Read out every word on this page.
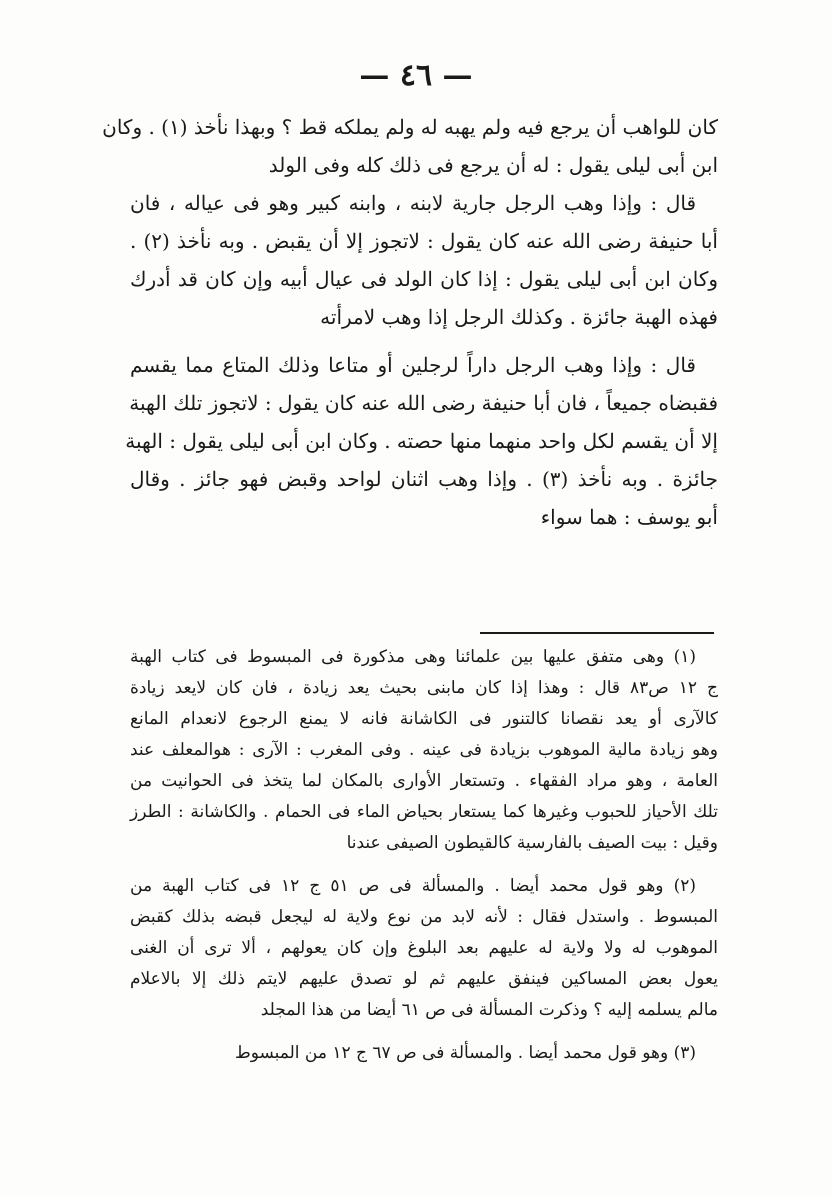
— ٤٦ —
كان للواهب أن يرجع فيه ولم يهبه له ولم يملكه قط ؟ وبهذا نأخذ (١) . وكان
ابن أبى ليلى يقول : له أن يرجع فى ذلك كله وفى الولد
قال : وإذا وهب الرجل جارية لابنه ، وابنه كبير وهو فى عياله ، فان
أبا حنيفة رضى الله عنه كان يقول : لاتجوز إلا أن يقبض . وبه نأخذ (٢) .
وكان ابن أبى ليلى يقول : إذا كان الولد فى عيال أبيه وإن كان قد أدرك
فهذه الهبة جائزة . وكذلك الرجل إذا وهب لامرأته
قال : وإذا وهب الرجل داراً لرجلين أو متاعا وذلك المتاع مما يقسم
فقبضاه جميعاً ، فان أبا حنيفة رضى الله عنه كان يقول : لاتجوز تلك الهبة
إلا أن يقسم لكل واحد منهما منها حصته . وكان ابن أبى ليلى يقول : الهبة
جائزة . وبه نأخذ (٣) . وإذا وهب اثنان لواحد وقبض فهو جائز . وقال
أبو يوسف : هما سواء
(١) وهى متفق عليها بين علمائنا وهى مذكورة فى المبسوط فى كتاب الهبة
ج ١٢ ص٨٣ قال : وهذا إذا كان مابنى بحيث يعد زيادة ، فان كان لايعد زيادة
كالآرى أو يعد نقصانا كالتنور فى الكاشانة فانه لا يمنع الرجوع لانعدام المانع
وهو زيادة مالية الموهوب بزيادة فى عينه . وفى المغرب : الآرى : هوالمعلف عند
العامة ، وهو مراد الفقهاء . وتستعار الأوارى بالمكان لما يتخذ فى الحوانيت من
تلك الأحياز للحبوب وغيرها كما يستعار بحياض الماء فى الحمام . والكاشانة : الطرز
وقيل : بيت الصيف بالفارسية كالقيطون الصيفى عندنا
(٢) وهو قول محمد أيضا . والمسألة فى ص ٥١ ج ١٢ فى كتاب الهبة من
المبسوط . واستدل فقال : لأنه لابد من نوع ولاية له ليجعل قبضه بذلك كقبض
الموهوب له ولا ولاية له عليهم بعد البلوغ وإن كان يعولهم ، ألا ترى أن الغنى
يعول بعض المساكين فينفق عليهم ثم لو تصدق عليهم لايتم ذلك إلا بالاعلام
مالم يسلمه إليه ؟ وذكرت المسألة فى ص ٦١ أيضا من هذا المجلد
(٣) وهو قول محمد أيضا . والمسألة فى ص ٦٧ ج ١٢ من المبسوط
